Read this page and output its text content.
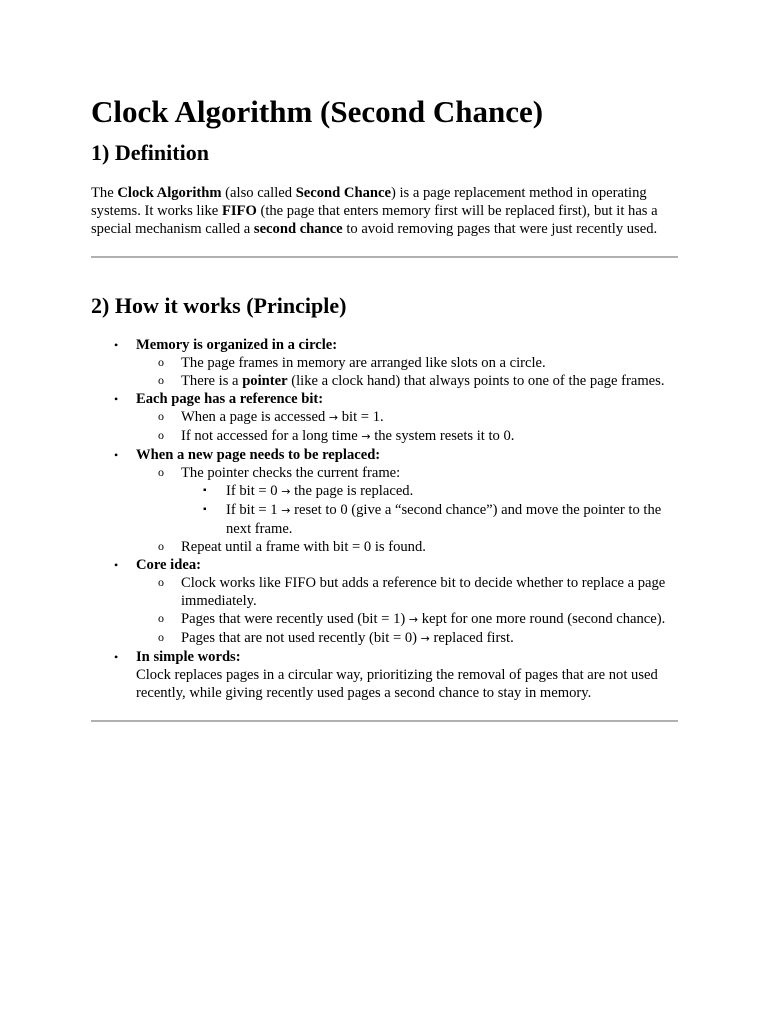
Clock Algorithm (Second Chance)
1) Definition

The Clock Algorithm (also called Second Chance) is a page replacement method in operating systems. It works like FIFO (the page that enters memory first will be replaced first), but it has a special mechanism called a second chance to avoid removing pages that were just recently used.

2) How it works (Principle)
• Memory is organized in a circle:
o The page frames in memory are arranged like slots on a circle.
o There is a pointer (like a clock hand) that always points to one of the page frames.
• Each page has a reference bit:
o When a page is accessed → bit = 1.
o If not accessed for a long time → the system resets it to 0.
• When a new page needs to be replaced:
o The pointer checks the current frame:
▪ If bit = 0 → the page is replaced.
▪ If bit = 1 → reset to 0 (give a “second chance”) and move the pointer to the next frame.
o Repeat until a frame with bit = 0 is found.
• Core idea:
o Clock works like FIFO but adds a reference bit to decide whether to replace a page immediately.
o Pages that were recently used (bit = 1) → kept for one more round (second chance).
o Pages that are not used recently (bit = 0) → replaced first.
• In simple words:
Clock replaces pages in a circular way, prioritizing the removal of pages that are not used recently, while giving recently used pages a second chance to stay in memory.
